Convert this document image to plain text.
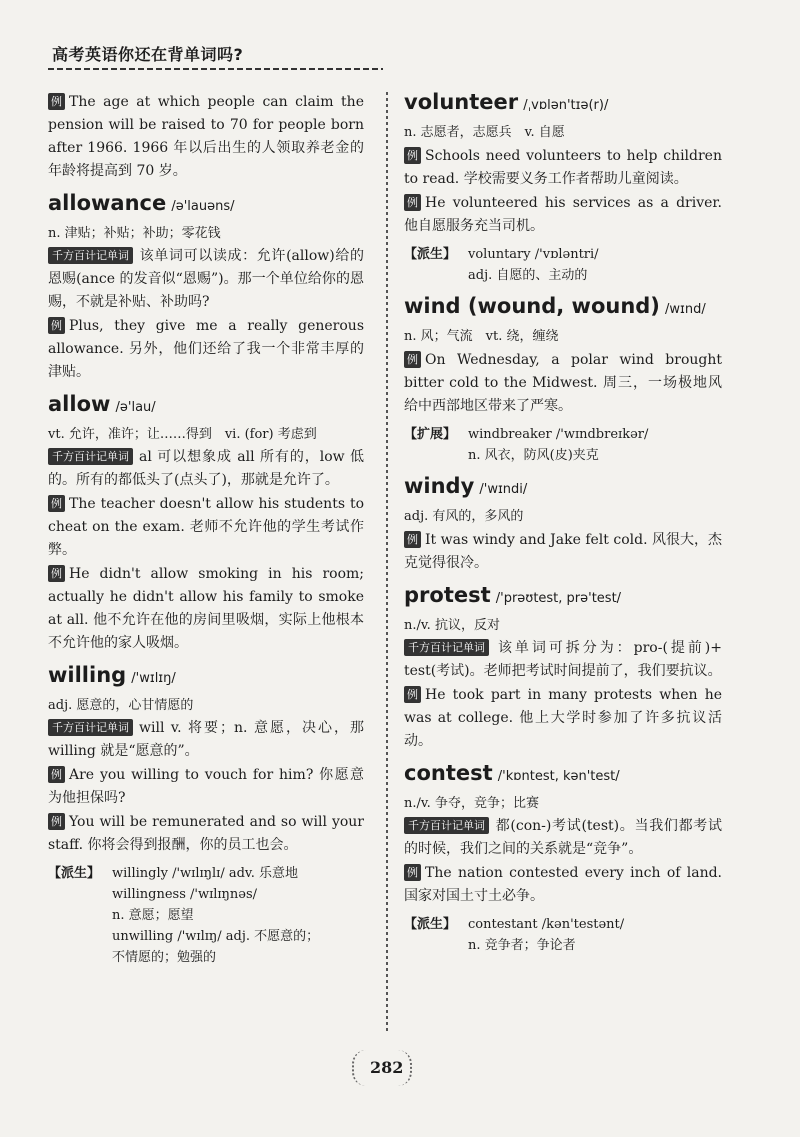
高考英语你还在背单词吗?

例 The age at which people can claim the pension will be raised to 70 for people born after 1966. 1966 年以后出生的人领取养老金的年龄将提高到 70 岁。

allowance /ə'lauəns/
n. 津贴；补贴；补助；零花钱

千方百计记单词 该单词可以读成：允许(allow)给的恩赐(ance 的发音似“恩赐”)。那一个单位给你的恩赐，不就是补贴、补助吗?

例 Plus, they give me a really generous allowance. 另外，他们还给了我一个非常丰厚的津贴。

allow /ə'lau/
vt. 允许，准许；让……得到　vi. (for) 考虑到

千方百计记单词 al 可以想象成 all 所有的，low 低的。所有的都低头了(点头了)，那就是允许了。

例 The teacher doesn't allow his students to cheat on the exam. 老师不允许他的学生考试作弊。

例 He didn't allow smoking in his room; actually he didn't allow his family to smoke at all. 他不允许在他的房间里吸烟，实际上他根本不允许他的家人吸烟。

willing /'wɪlɪŋ/
adj. 愿意的，心甘情愿的

千方百计记单词 will v. 将要；n. 意愿，决心，那 willing 就是“愿意的”。

例 Are you willing to vouch for him? 你愿意为他担保吗?

例 You will be remunerated and so will your staff. 你将会得到报酬，你的员工也会。

【派生】 willingly /'wɪlɪŋlɪ/ adv. 乐意地
willingness /'wɪlɪŋnəs/
n. 意愿；愿望
unwilling /'wɪlɪŋ/ adj. 不愿意的；
不情愿的；勉强的
volunteer /ˌvɒlən'tɪə(r)/
n. 志愿者，志愿兵　v. 自愿

例 Schools need volunteers to help children to read. 学校需要义务工作者帮助儿童阅读。

例 He volunteered his services as a driver. 他自愿服务充当司机。

【派生】 voluntary /'vɒləntri/
adj. 自愿的、主动的
wind (wound, wound) /wɪnd/
n. 风；气流　vt. 绕，缠绕

例 On Wednesday, a polar wind brought bitter cold to the Midwest. 周三，一场极地风给中西部地区带来了严寒。

【扩展】 windbreaker /'wɪndbreɪkər/
n. 风衣，防风(皮)夹克
windy /'wɪndi/
adj. 有风的，多风的

例 It was windy and Jake felt cold. 风很大，杰克觉得很冷。

protest /'prəʊtest, prə'test/
n./v. 抗议，反对

千方百计记单词 该单词可拆分为：pro-(提前)+ test(考试)。老师把考试时间提前了，我们要抗议。

例 He took part in many protests when he was at college. 他上大学时参加了许多抗议活动。

contest /'kɒntest, kən'test/
n./v. 争夺，竞争；比赛

千方百计记单词 都(con-)考试(test)。当我们都考试的时候，我们之间的关系就是“竞争”。

例 The nation contested every inch of land. 国家对国土寸土必争。

【派生】 contestant /kən'testənt/
n. 竞争者；争论者
282
